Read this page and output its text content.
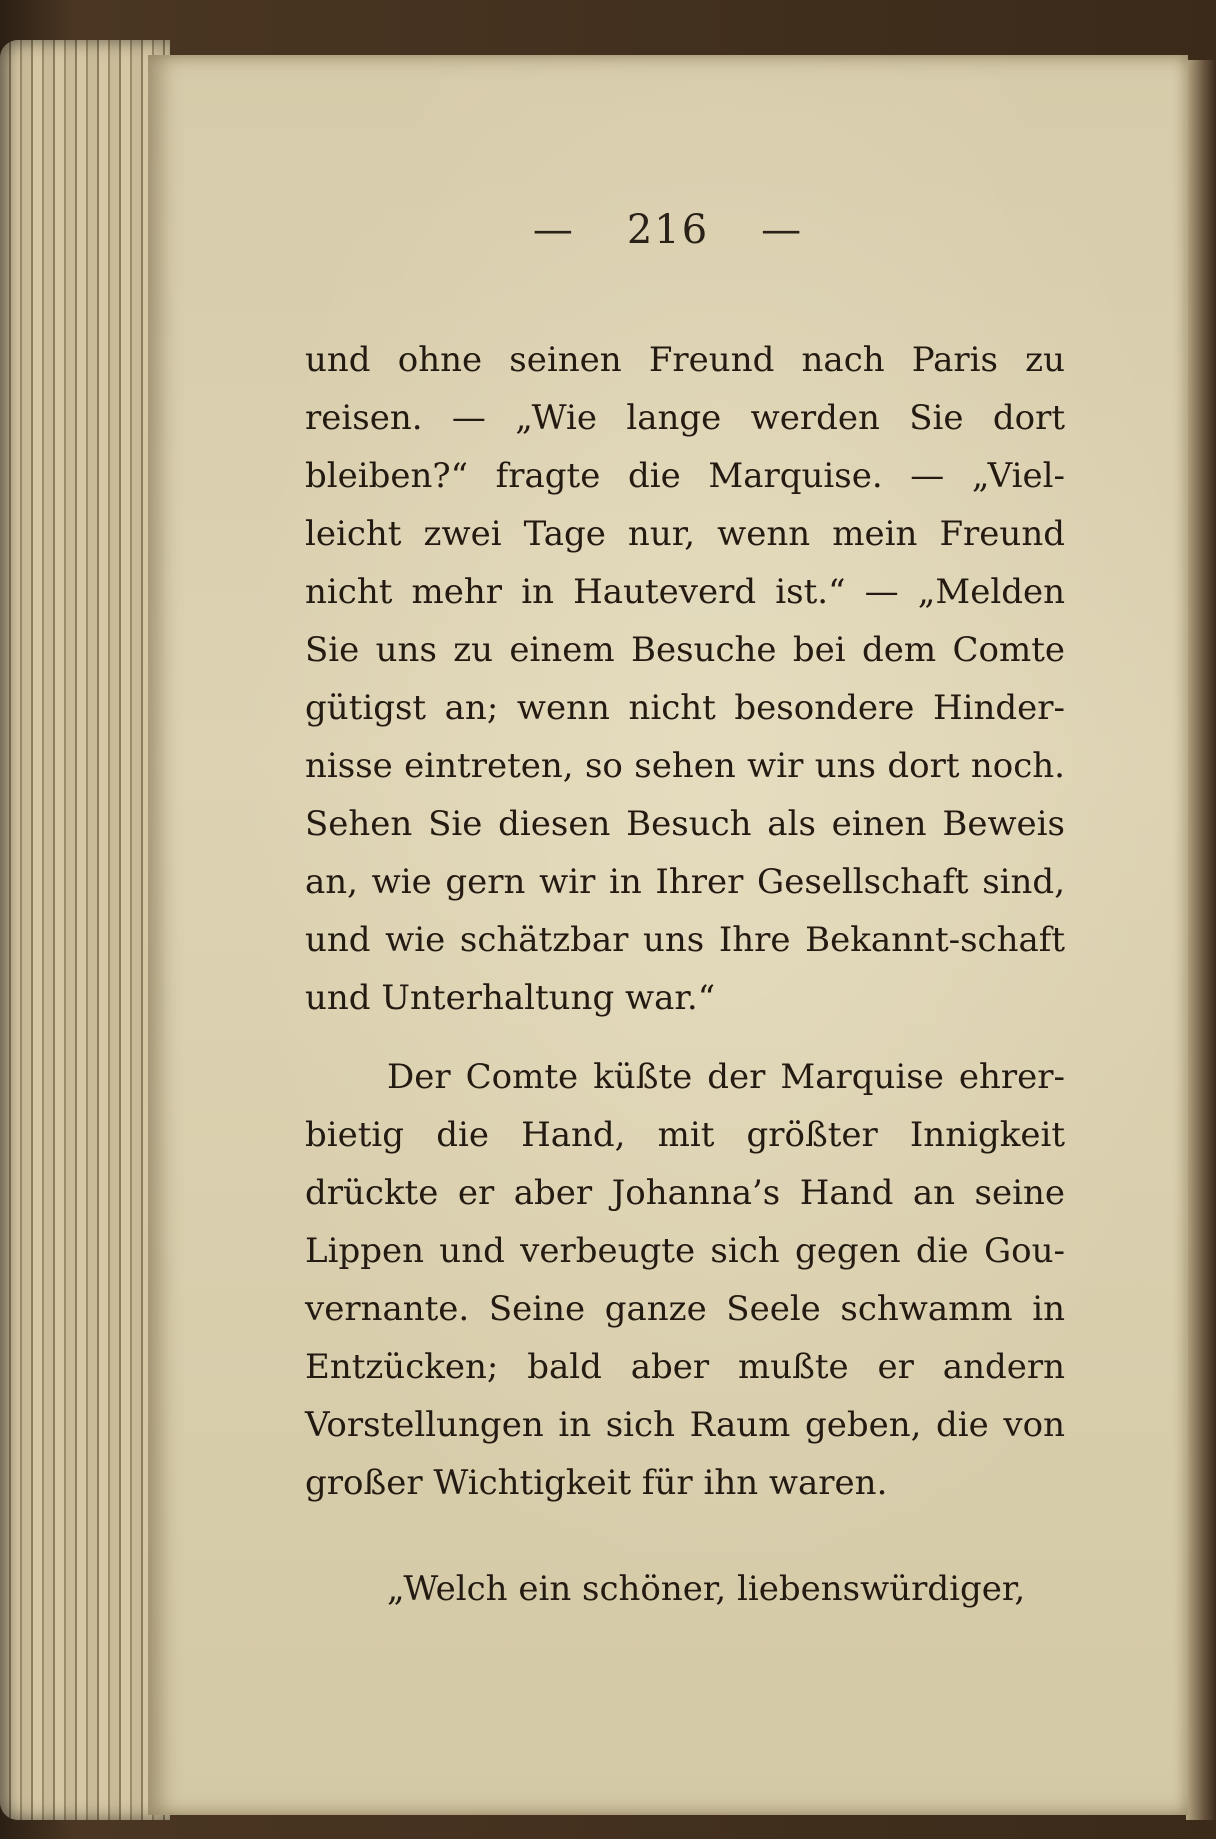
— 216 —

und ohne seinen Freund nach Paris zu reisen. — „Wie lange werden Sie dort bleiben?“ fragte die Marquise. — „Viel-leicht zwei Tage nur, wenn mein Freund nicht mehr in Hauteverd ist.“ — „Melden Sie uns zu einem Besuche bei dem Comte gütigst an; wenn nicht besondere Hinder-nisse eintreten, so sehen wir uns dort noch. Sehen Sie diesen Besuch als einen Beweis an, wie gern wir in Ihrer Gesellschaft sind, und wie schätzbar uns Ihre Bekannt-schaft und Unterhaltung war.“

Der Comte küßte der Marquise ehrer-bietig die Hand, mit größter Innigkeit drückte er aber Johanna’s Hand an seine Lippen und verbeugte sich gegen die Gou-vernante. Seine ganze Seele schwamm in Entzücken; bald aber mußte er andern Vorstellungen in sich Raum geben, die von großer Wichtigkeit für ihn waren.

„Welch ein schöner, liebenswürdiger,
